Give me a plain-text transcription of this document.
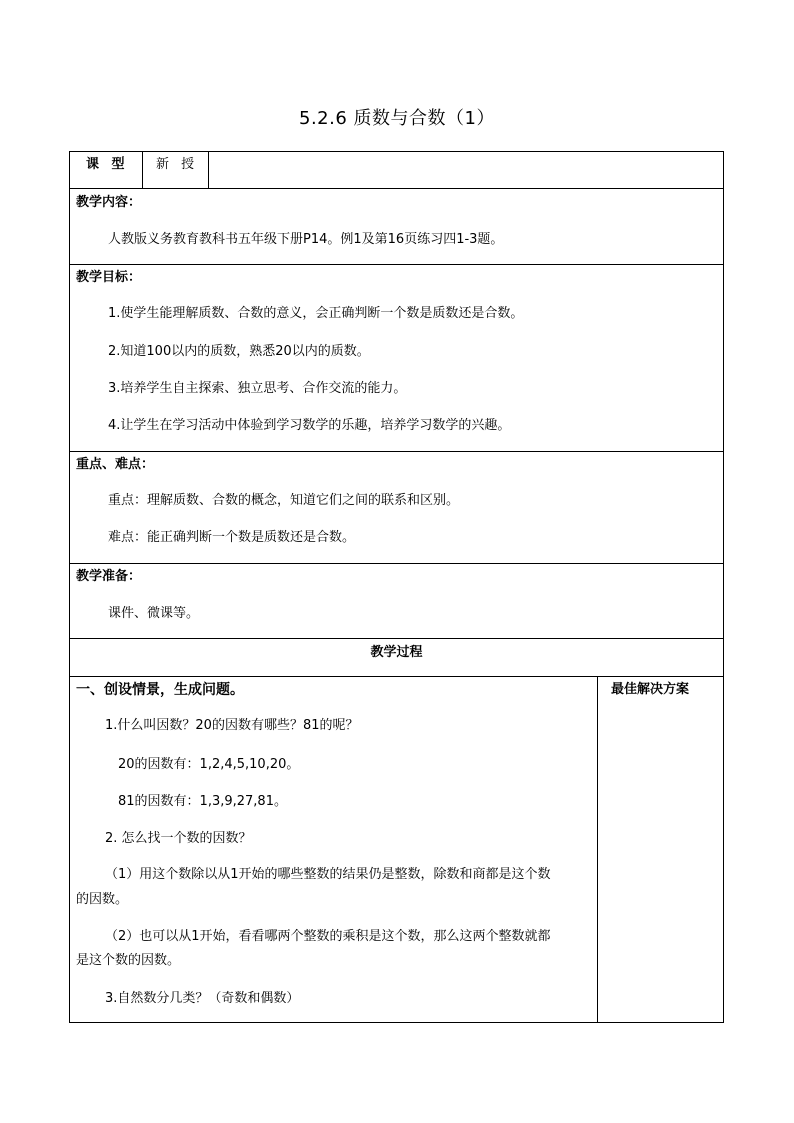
5.2.6 质数与合数（1）
课 型 新 授
教学内容：
人教版义务教育教科书五年级下册P14。例1及第16页练习四1-3题。
教学目标：
1.使学生能理解质数、合数的意义，会正确判断一个数是质数还是合数。
2.知道100以内的质数，熟悉20以内的质数。
3.培养学生自主探索、独立思考、合作交流的能力。
4.让学生在学习活动中体验到学习数学的乐趣，培养学习数学的兴趣。
重点、难点：
重点：理解质数、合数的概念，知道它们之间的联系和区别。
难点：能正确判断一个数是质数还是合数。
教学准备：
课件、微课等。
教学过程
一、创设情景，生成问题。
1.什么叫因数？20的因数有哪些？81的呢？
20的因数有：1,2,4,5,10,20。
81的因数有：1,3,9,27,81。
2. 怎么找一个数的因数？
（1）用这个数除以从1开始的哪些整数的结果仍是整数，除数和商都是这个数
的因数。
（2）也可以从1开始，看看哪两个整数的乘积是这个数，那么这两个整数就都
是这个数的因数。
3.自然数分几类？（奇数和偶数）
最佳解决方案
